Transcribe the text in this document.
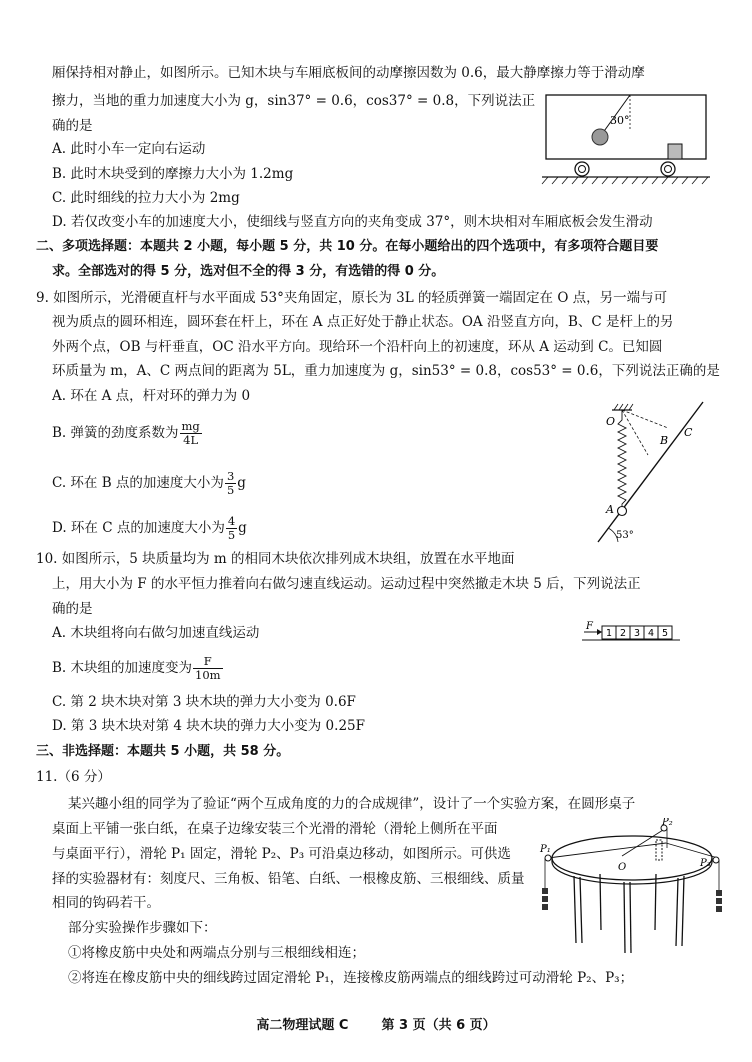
厢保持相对静止，如图所示。已知木块与车厢底板间的动摩擦因数为 0.6，最大静摩擦力等于滑动摩
擦力，当地的重力加速度大小为 g，sin37° = 0.6，cos37° = 0.8，下列说法正
确的是
A. 此时小车一定向右运动
B. 此时木块受到的摩擦力大小为 1.2mg
C. 此时细线的拉力大小为 2mg
D. 若仅改变小车的加速度大小，使细线与竖直方向的夹角变成 37°，则木块相对车厢底板会发生滑动
30°
二、多项选择题：本题共 2 小题，每小题 5 分，共 10 分。在每小题给出的四个选项中，有多项符合题目要
求。全部选对的得 5 分，选对但不全的得 3 分，有选错的得 0 分。
9. 如图所示，光滑硬直杆与水平面成 53°夹角固定，原长为 3L 的轻质弹簧一端固定在 O 点，另一端与可
视为质点的圆环相连，圆环套在杆上，环在 A 点正好处于静止状态。OA 沿竖直方向，B、C 是杆上的另
外两个点，OB 与杆垂直，OC 沿水平方向。现给环一个沿杆向上的初速度，环从 A 运动到 C。已知圆
环质量为 m，A、C 两点间的距离为 5L，重力加速度为 g，sin53° = 0.8，cos53° = 0.6，下列说法正确的是
A. 环在 A 点，杆对环的弹力为 0
B. 弹簧的劲度系数为 $\frac{mg}{4L}$
C. 环在 B 点的加速度大小为 $\frac{3}{5}$ g
D. 环在 C 点的加速度大小为 $\frac{4}{5}$ g
O
A
B
C
53°
10. 如图所示，5 块质量均为 m 的相同木块依次排列成木块组，放置在水平地面
上，用大小为 F 的水平恒力推着向右做匀速直线运动。运动过程中突然撤走木块 5 后，下列说法正
确的是
A. 木块组将向右做匀加速直线运动
B. 木块组的加速度变为 $\frac{F}{10m}$
C. 第 2 块木块对第 3 块木块的弹力大小变为 0.6F
D. 第 3 块木块对第 4 块木块的弹力大小变为 0.25F
F
1 2 3 4 5
三、非选择题：本题共 5 小题，共 58 分。
11.（6 分）
某兴趣小组的同学为了验证“两个互成角度的力的合成规律”，设计了一个实验方案，在圆形桌子
桌面上平铺一张白纸，在桌子边缘安装三个光滑的滑轮（滑轮上侧所在平面
与桌面平行），滑轮 P₁ 固定，滑轮 P₂、P₃ 可沿桌边移动，如图所示。可供选
择的实验器材有：刻度尺、三角板、铅笔、白纸、一根橡皮筋、三根细线、质量
相同的钩码若干。
部分实验操作步骤如下：
①将橡皮筋中央处和两端点分别与三根细线相连；
②将连在橡皮筋中央的细线跨过固定滑轮 P₁，连接橡皮筋两端点的细线跨过可动滑轮 P₂、P₃；
P₁
P₂
P₃
O
高二物理试题 C	第 3 页（共 6 页）
